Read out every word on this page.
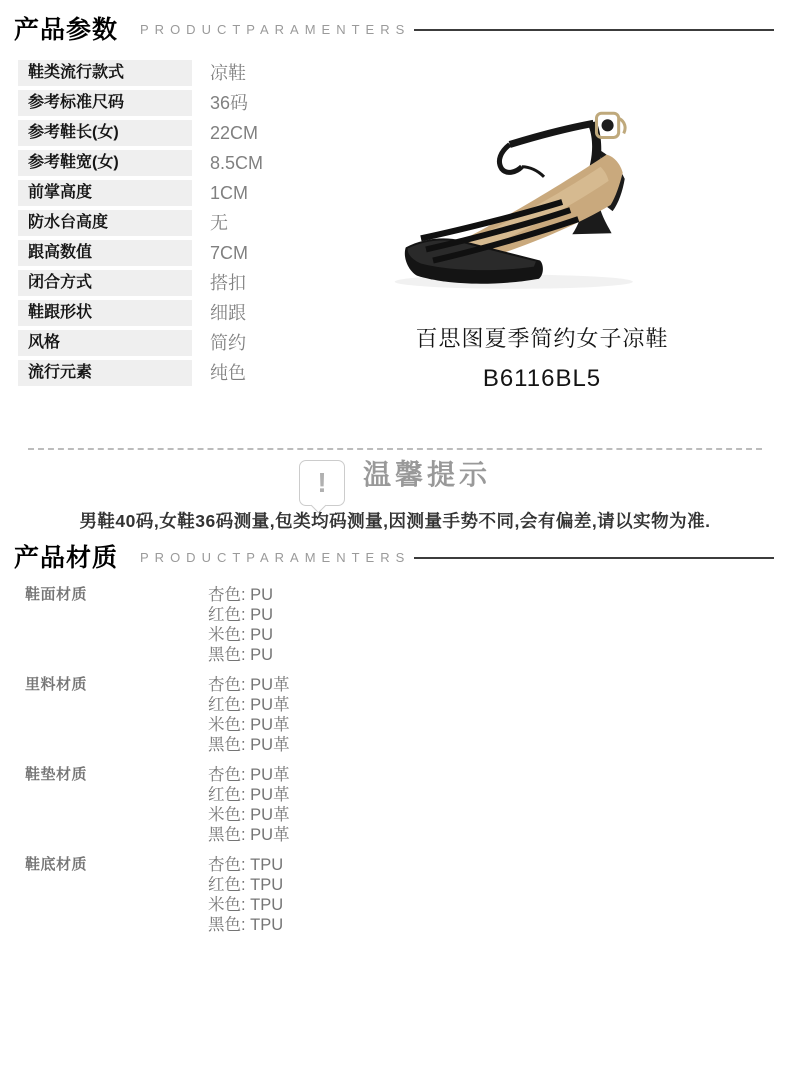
产品参数 PRODUCTPARAMENTERS
鞋类流行款式	凉鞋
参考标准尺码	36码
参考鞋长(女)	22CM
参考鞋宽(女)	8.5CM
前掌高度	1CM
防水台高度	无
跟高数值	7CM
闭合方式	搭扣
鞋跟形状	细跟
风格	简约
流行元素	纯色
百思图夏季简约女子凉鞋
B6116BL5
! 温馨提示
男鞋40码,女鞋36码测量,包类均码测量,因测量手势不同,会有偏差,请以实物为准.
产品材质 PRODUCTPARAMENTERS
鞋面材质	杏色: PU
红色: PU
米色: PU
黑色: PU
里料材质	杏色: PU革
红色: PU革
米色: PU革
黑色: PU革
鞋垫材质	杏色: PU革
红色: PU革
米色: PU革
黑色: PU革
鞋底材质	杏色: TPU
红色: TPU
米色: TPU
黑色: TPU
